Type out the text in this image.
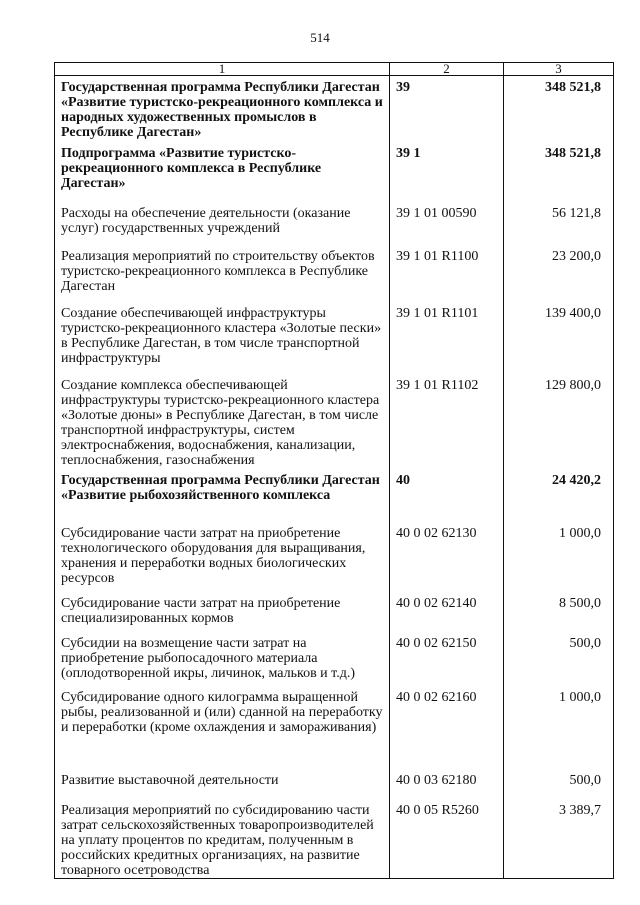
514
1	2	3
Государственная программа Республики Дагестан «Развитие туристско-рекреационного комплекса и народных художественных промыслов в Республике Дагестан»	39	348 521,8
Подпрограмма «Развитие туристско-рекреационного комплекса в Республике Дагестан»	39 1	348 521,8
Расходы на обеспечение деятельности (оказание услуг) государственных учреждений	39 1 01 00590	56 121,8
Реализация мероприятий по строительству объектов туристско-рекреационного комплекса в Республике Дагестан	39 1 01 R1100	23 200,0
Создание обеспечивающей инфраструктуры туристско-рекреационного кластера «Золотые пески» в Республике Дагестан, в том числе транспортной инфраструктуры	39 1 01 R1101	139 400,0
Создание комплекса обеспечивающей инфраструктуры туристско-рекреационного кластера «Золотые дюны» в Республике Дагестан, в том числе транспортной инфраструктуры, систем электроснабжения, водоснабжения, канализации, теплоснабжения, газоснабжения	39 1 01 R1102	129 800,0
Государственная программа Республики Дагестан «Развитие рыбохозяйственного комплекса	40	24 420,2
Субсидирование части затрат на приобретение технологического оборудования для выращивания, хранения и переработки водных биологических ресурсов	40 0 02 62130	1 000,0
Субсидирование части затрат на приобретение специализированных кормов	40 0 02 62140	8 500,0
Субсидии на возмещение части затрат на приобретение рыбопосадочного материала (оплодотворенной икры, личинок, мальков и т.д.)	40 0 02 62150	500,0
Субсидирование одного килограмма выращенной рыбы, реализованной и (или) сданной на переработку и переработки (кроме охлаждения и замораживания)	40 0 02 62160	1 000,0
Развитие выставочной деятельности	40 0 03 62180	500,0
Реализация мероприятий по субсидированию части затрат сельскохозяйственных товаропроизводителей на уплату процентов по кредитам, полученным в российских кредитных организациях, на развитие товарного осетроводства	40 0 05 R5260	3 389,7
